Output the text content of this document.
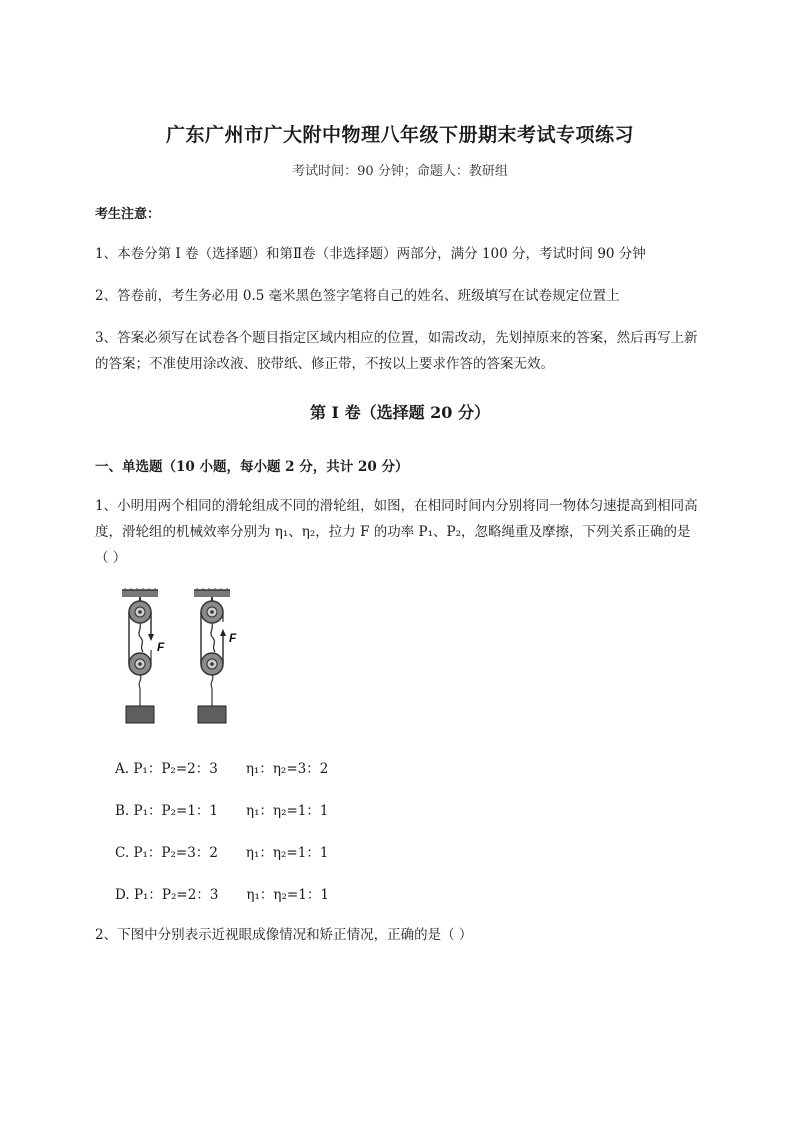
广东广州市广大附中物理八年级下册期末考试专项练习
考试时间：90 分钟；命题人：教研组
考生注意：
1、本卷分第 I 卷（选择题）和第Ⅱ卷（非选择题）两部分，满分 100 分，考试时间 90 分钟
2、答卷前，考生务必用 0.5 毫米黑色签字笔将自己的姓名、班级填写在试卷规定位置上
3、答案必须写在试卷各个题目指定区域内相应的位置，如需改动，先划掉原来的答案，然后再写上新
的答案；不准使用涂改液、胶带纸、修正带，不按以上要求作答的答案无效。
第 I 卷（选择题 20 分）
一、单选题（10 小题，每小题 2 分，共计 20 分）
1、小明用两个相同的滑轮组成不同的滑轮组，如图，在相同时间内分别将同一物体匀速提高到相同高
度，滑轮组的机械效率分别为 η₁、η₂，拉力 F 的功率 P₁、P₂，忽略绳重及摩擦，下列关系正确的是
（ ）
F
F
A. P₁：P₂=2：3 η₁：η₂=3：2
B. P₁：P₂=1：1 η₁：η₂=1：1
C. P₁：P₂=3：2 η₁：η₂=1：1
D. P₁：P₂=2：3 η₁：η₂=1：1
2、下图中分别表示近视眼成像情况和矫正情况，正确的是（ ）
